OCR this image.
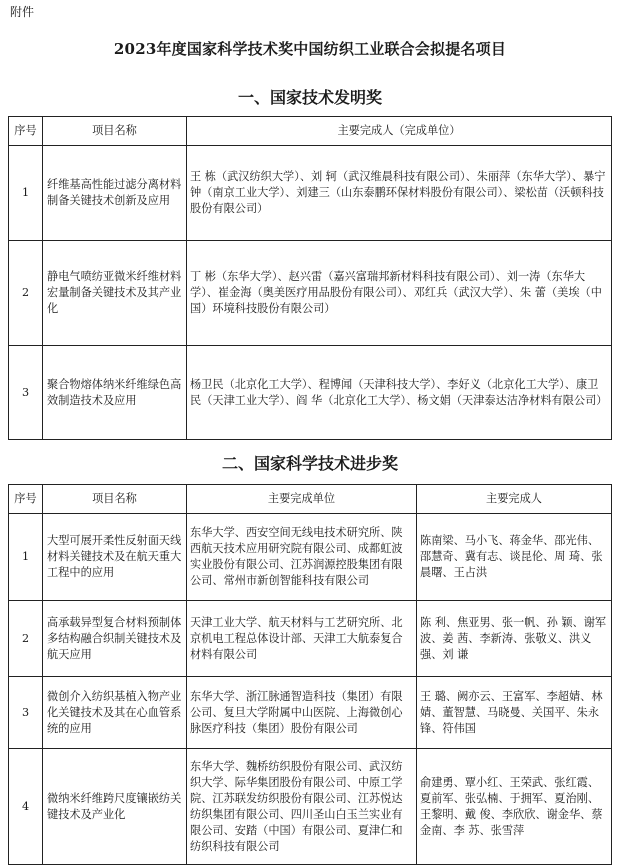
附件
2023年度国家科学技术奖中国纺织工业联合会拟提名项目
一、国家技术发明奖
序号	项目名称	主要完成人（完成单位）
1	纤维基高性能过滤分离材料制备关键技术创新及应用	王 栋（武汉纺织大学）、刘 轲（武汉维晨科技有限公司）、朱丽萍（东华大学）、暴宁钟（南京工业大学）、刘建三（山东泰鹏环保材料股份有限公司）、梁松苗（沃顿科技股份有限公司）
2	静电气喷纺亚微米纤维材料宏量制备关键技术及其产业化	丁 彬（东华大学）、赵兴雷（嘉兴富瑞邦新材料科技有限公司）、刘一涛（东华大学）、崔金海（奥美医疗用品股份有限公司）、邓红兵（武汉大学）、朱 蕾（美埃（中国）环境科技股份有限公司）
3	聚合物熔体纳米纤维绿色高效制造技术及应用	杨卫民（北京化工大学）、程博闻（天津科技大学）、李好义（北京化工大学）、康卫民（天津工业大学）、阎 华（北京化工大学）、杨文娟（天津泰达洁净材料有限公司）
二、国家科学技术进步奖
序号	项目名称	主要完成单位	主要完成人
1	大型可展开柔性反射面天线材料关键技术及在航天重大工程中的应用	东华大学、西安空间无线电技术研究所、陕西航天技术应用研究院有限公司、成都虹波实业股份有限公司、江苏润源控股集团有限公司、常州市新创智能科技有限公司	陈南梁、马小飞、蒋金华、邵光伟、邵慧奇、冀有志、谈昆伦、周 琦、张晨曙、王占洪
2	高承载异型复合材料预制体多结构融合织制关键技术及航天应用	天津工业大学、航天材料与工艺研究所、北京机电工程总体设计部、天津工大航泰复合材料有限公司	陈 利、焦亚男、张一帆、孙 颖、谢军波、姜 茜、李新涛、张敬义、洪义强、刘 谦
3	微创介入纺织基植入物产业化关键技术及其在心血管系统的应用	东华大学、浙江脉通智造科技（集团）有限公司、复旦大学附属中山医院、上海微创心脉医疗科技（集团）股份有限公司	王 璐、阙亦云、王富军、李超婧、林 婧、董智慧、马晓曼、关国平、朱永锋、符伟国
4	微纳米纤维跨尺度镶嵌纺关键技术及产业化	东华大学、魏桥纺织股份有限公司、武汉纺织大学、际华集团股份有限公司、中原工学院、江苏联发纺织股份有限公司、江苏悦达纺织集团有限公司、四川圣山白玉兰实业有限公司、安踏（中国）有限公司、夏津仁和纺织科技有限公司	俞建勇、覃小红、王荣武、张红霞、夏前军、张弘楠、于拥军、夏治刚、王黎明、戴 俊、李欣欣、谢金华、蔡金南、李 苏、张雪萍
